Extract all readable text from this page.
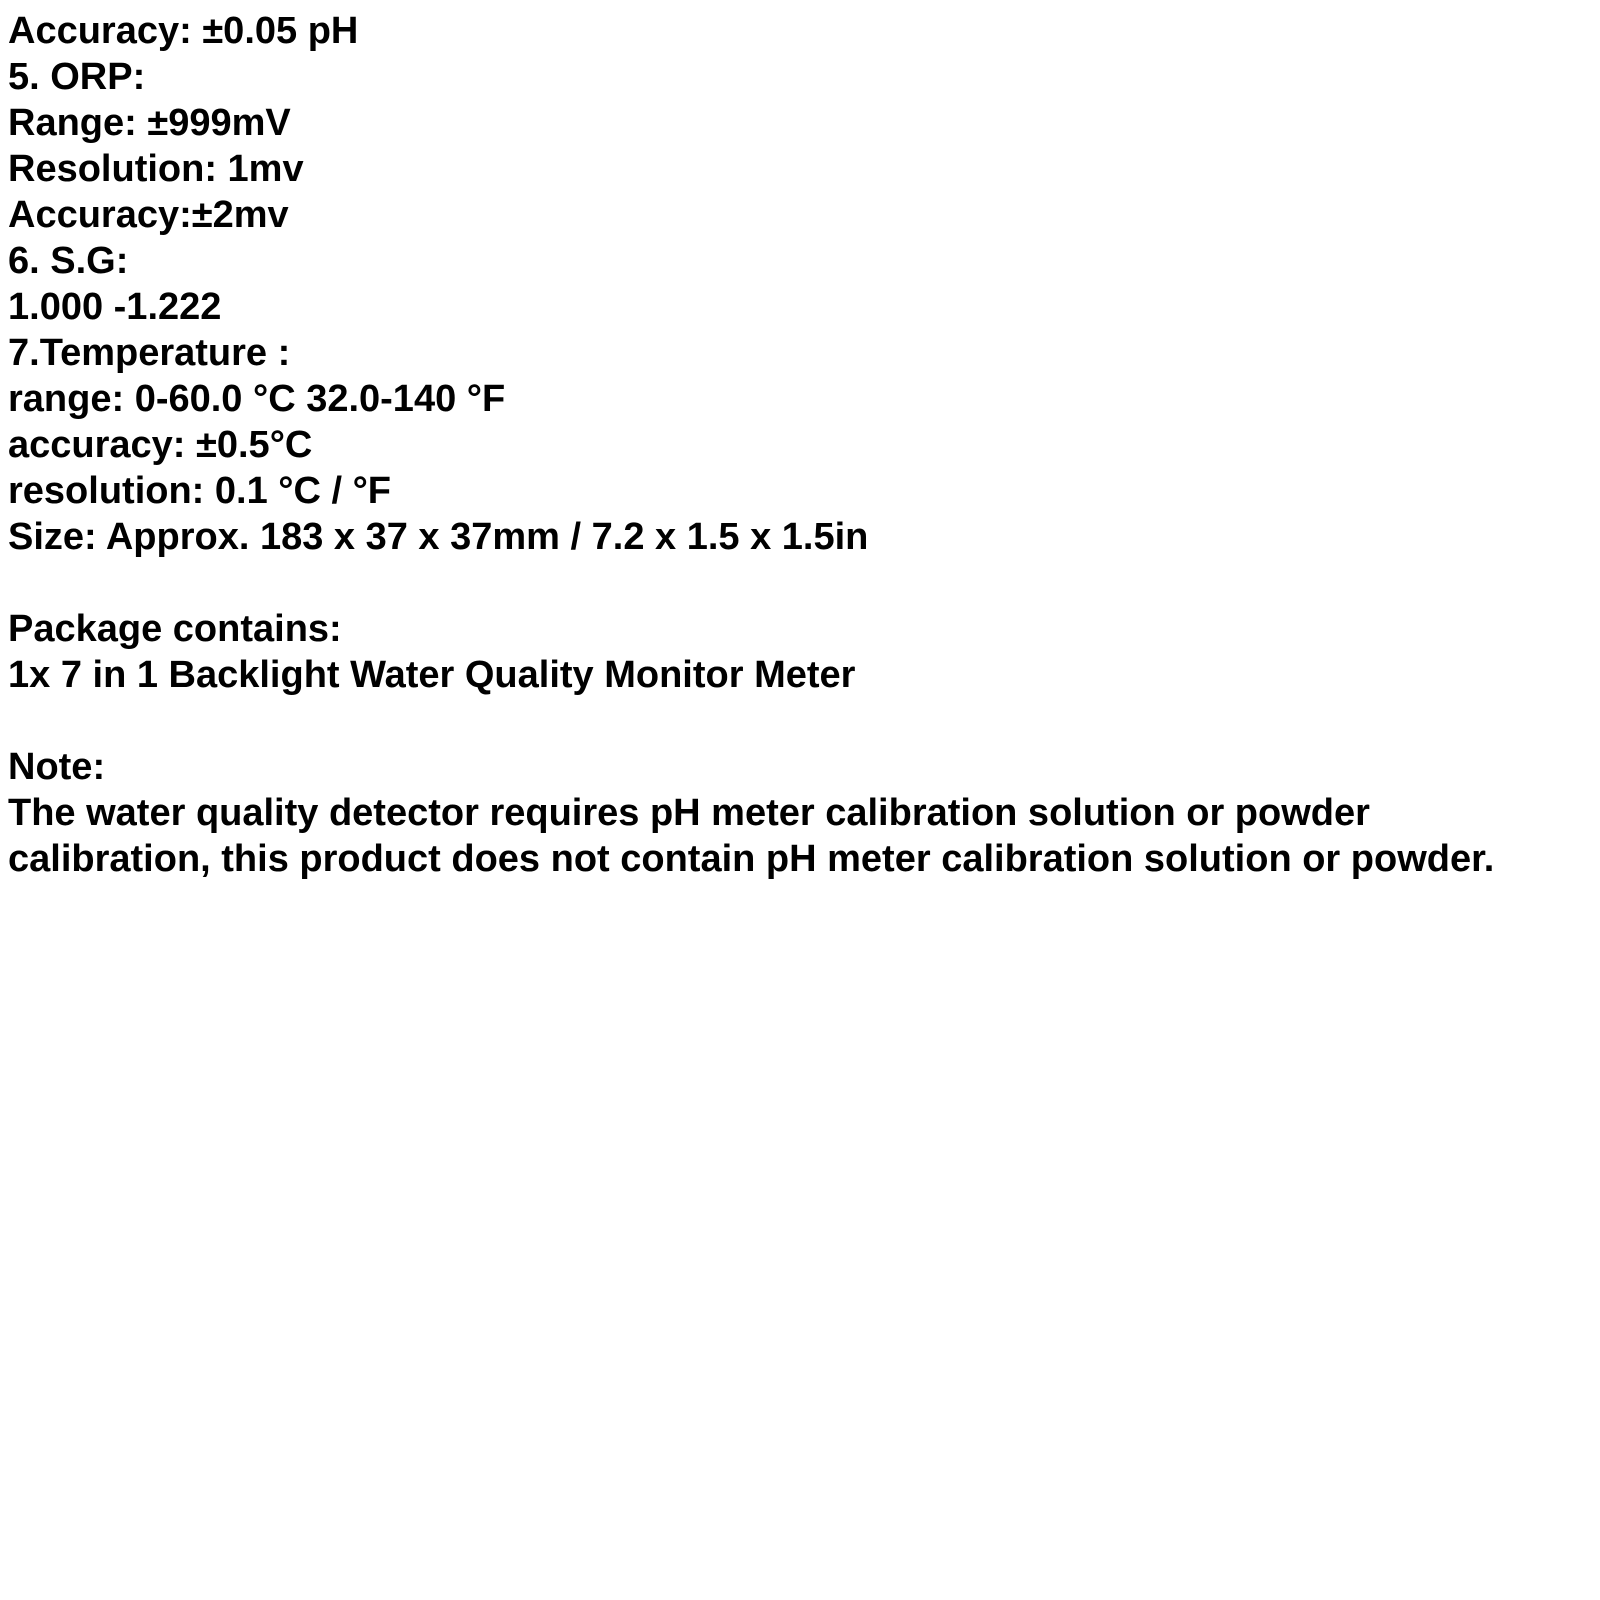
Accuracy: ±0.05 pH
5. ORP:
Range: ±999mV
Resolution: 1mv
Accuracy:±2mv
6. S.G:
1.000 -1.222
7.Temperature :
range: 0-60.0 °C 32.0-140 °F
accuracy: ±0.5°C
resolution: 0.1 °C / °F
Size: Approx. 183 x 37 x 37mm / 7.2 x 1.5 x 1.5in
Package contains:
1x 7 in 1 Backlight Water Quality Monitor Meter
Note:
The water quality detector requires pH meter calibration solution or powder
calibration, this product does not contain pH meter calibration solution or powder.
